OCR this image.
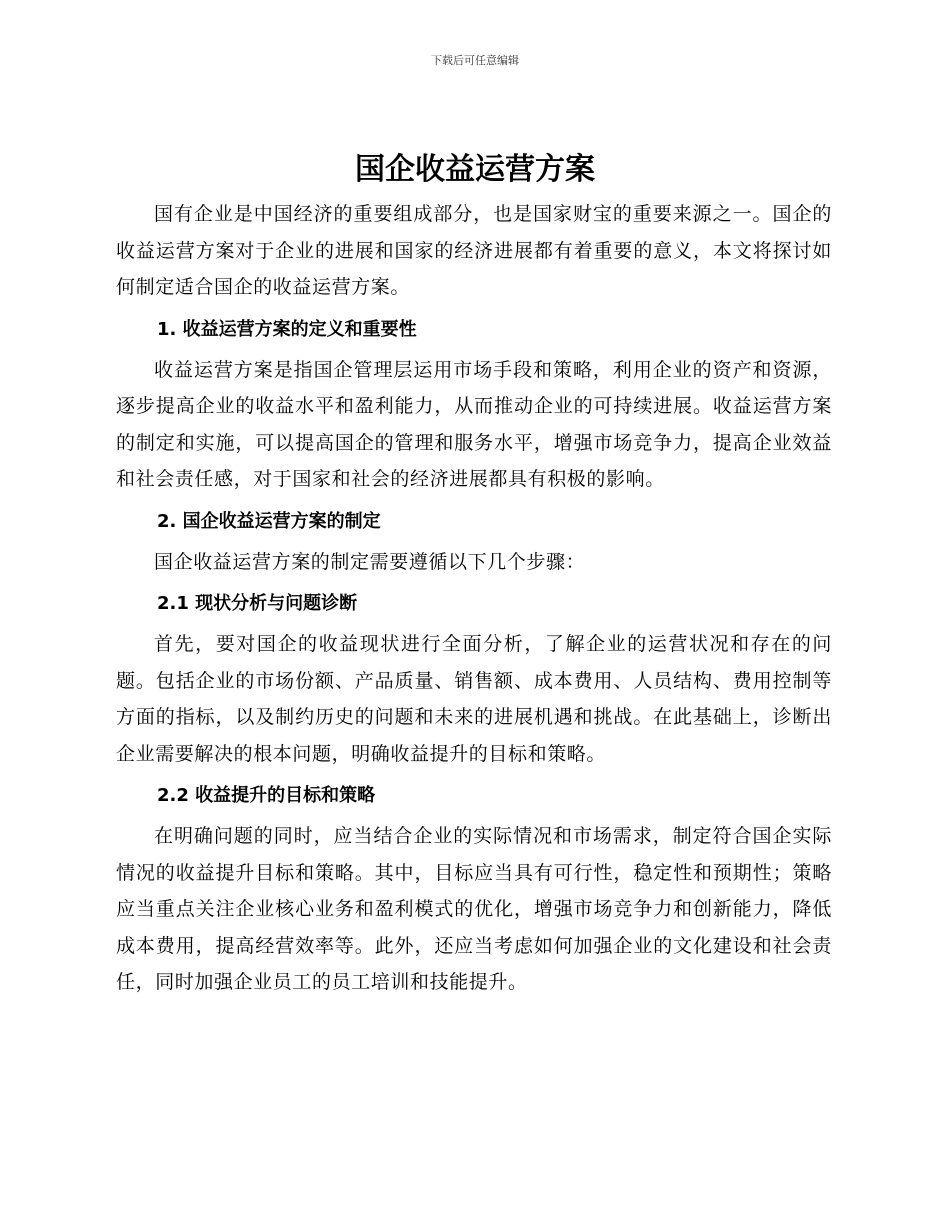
下载后可任意编辑
国企收益运营方案

国有企业是中国经济的重要组成部分，也是国家财宝的重要来源之一。国企的收益运营方案对于企业的进展和国家的经济进展都有着重要的意义，本文将探讨如何制定适合国企的收益运营方案。

1. 收益运营方案的定义和重要性

收益运营方案是指国企管理层运用市场手段和策略，利用企业的资产和资源，逐步提高企业的收益水平和盈利能力，从而推动企业的可持续进展。收益运营方案的制定和实施，可以提高国企的管理和服务水平，增强市场竞争力，提高企业效益和社会责任感，对于国家和社会的经济进展都具有积极的影响。

2. 国企收益运营方案的制定

国企收益运营方案的制定需要遵循以下几个步骤：

2.1 现状分析与问题诊断

首先，要对国企的收益现状进行全面分析，了解企业的运营状况和存在的问题。包括企业的市场份额、产品质量、销售额、成本费用、人员结构、费用控制等方面的指标，以及制约历史的问题和未来的进展机遇和挑战。在此基础上，诊断出企业需要解决的根本问题，明确收益提升的目标和策略。

2.2 收益提升的目标和策略

在明确问题的同时，应当结合企业的实际情况和市场需求，制定符合国企实际情况的收益提升目标和策略。其中，目标应当具有可行性，稳定性和预期性；策略应当重点关注企业核心业务和盈利模式的优化，增强市场竞争力和创新能力，降低成本费用，提高经营效率等。此外，还应当考虑如何加强企业的文化建设和社会责任，同时加强企业员工的员工培训和技能提升。
